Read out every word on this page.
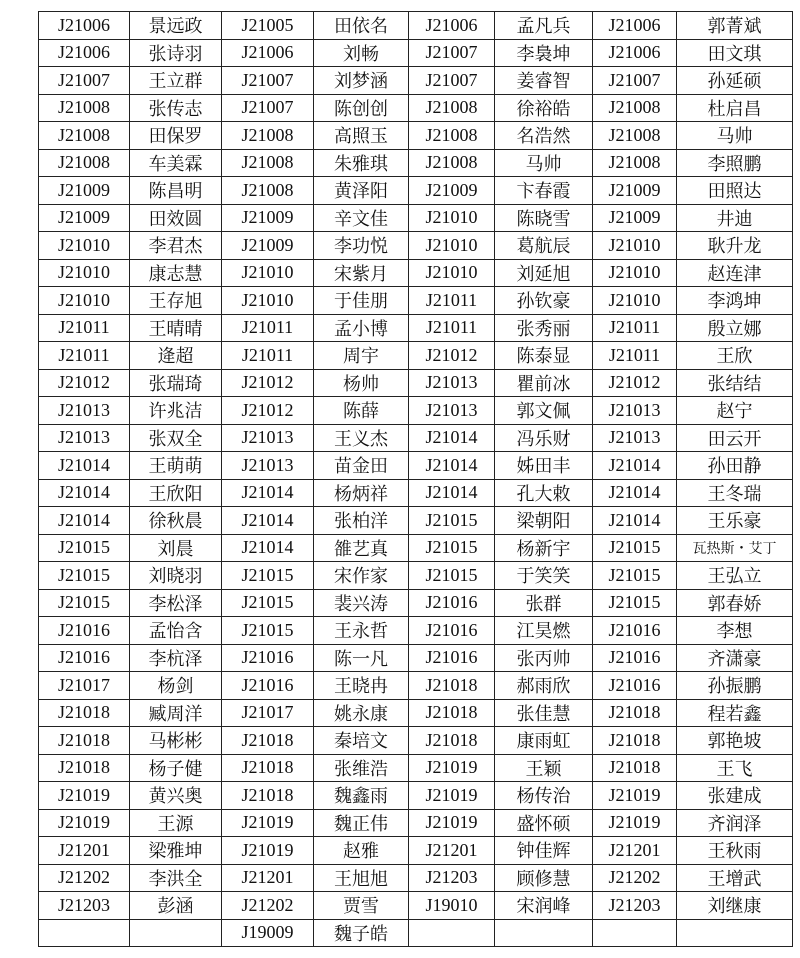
J21006	景远政	J21005	田依名	J21006	孟凡兵	J21006	郭菁斌
J21006	张诗羽	J21006	刘畅	J21007	李裊坤	J21006	田文琪
J21007	王立群	J21007	刘梦涵	J21007	姜睿智	J21007	孙延硕
J21008	张传志	J21007	陈创创	J21008	徐裕皓	J21008	杜启昌
J21008	田保罗	J21008	高照玉	J21008	名浩然	J21008	马帅
J21008	车美霖	J21008	朱雅琪	J21008	马帅	J21008	李照鹏
J21009	陈昌明	J21008	黄泽阳	J21009	卞春霞	J21009	田照达
J21009	田效圆	J21009	辛文佳	J21010	陈晓雪	J21009	井迪
J21010	李君杰	J21009	李功悦	J21010	葛航辰	J21010	耿升龙
J21010	康志慧	J21010	宋紫月	J21010	刘延旭	J21010	赵连津
J21010	王存旭	J21010	于佳朋	J21011	孙钦豪	J21010	李鸿坤
J21011	王晴晴	J21011	孟小博	J21011	张秀丽	J21011	殷立娜
J21011	逄超	J21011	周宇	J21012	陈泰显	J21011	王欣
J21012	张瑞琦	J21012	杨帅	J21013	瞿前冰	J21012	张结结
J21013	许兆洁	J21012	陈薛	J21013	郭文佩	J21013	赵宁
J21013	张双全	J21013	王义杰	J21014	冯乐财	J21013	田云开
J21014	王萌萌	J21013	苗金田	J21014	姊田丰	J21014	孙田静
J21014	王欣阳	J21014	杨炳祥	J21014	孔大敕	J21014	王冬瑞
J21014	徐秋晨	J21014	张柏洋	J21015	梁朝阳	J21014	王乐豪
J21015	刘晨	J21014	雒艺真	J21015	杨新宇	J21015	瓦热斯・艾丁
J21015	刘晓羽	J21015	宋作家	J21015	于笑笑	J21015	王弘立
J21015	李松泽	J21015	裴兴涛	J21016	张群	J21015	郭春娇
J21016	孟怡含	J21015	王永哲	J21016	江昊燃	J21016	李想
J21016	李杭泽	J21016	陈一凡	J21016	张丙帅	J21016	齐潇豪
J21017	杨剑	J21016	王晓冉	J21018	郝雨欣	J21016	孙振鹏
J21018	臧周洋	J21017	姚永康	J21018	张佳慧	J21018	程若鑫
J21018	马彬彬	J21018	秦培文	J21018	康雨虹	J21018	郭艳坡
J21018	杨子健	J21018	张维浩	J21019	王颖	J21018	王飞
J21019	黄兴奥	J21018	魏鑫雨	J21019	杨传治	J21019	张建成
J21019	王源	J21019	魏正伟	J21019	盛怀硕	J21019	齐润泽
J21201	梁雅坤	J21019	赵雅	J21201	钟佳辉	J21201	王秋雨
J21202	李洪全	J21201	王旭旭	J21203	顾修慧	J21202	王增武
J21203	彭涵	J21202	贾雪	J19010	宋润峰	J21203	刘继康
		J19009	魏子皓				
